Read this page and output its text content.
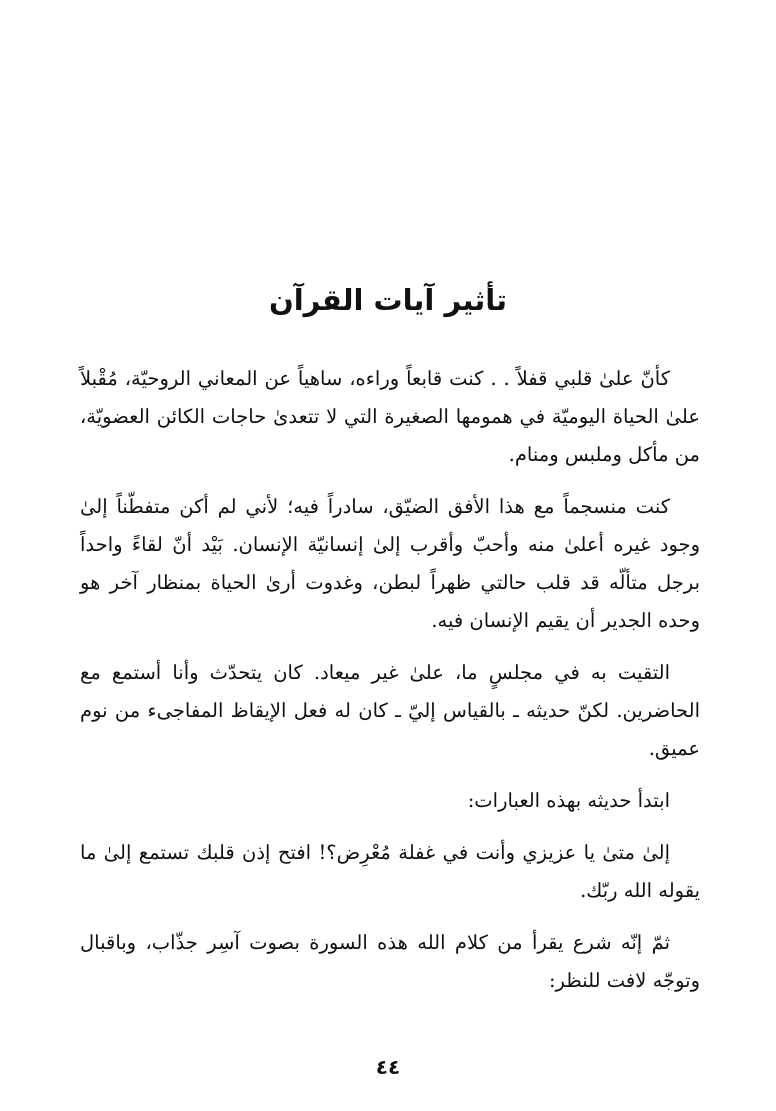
تأثير آيات القرآن

كأنّ علىٰ قلبي قفلاً . . كنت قابعاً وراءه، ساهياً عن المعاني الروحيّة، مُقْبلاً علىٰ الحياة اليوميّة في همومها الصغيرة التي لا تتعدىٰ حاجات الكائن العضويّة، من مأكل وملبس ومنام.

كنت منسجماً مع هذا الأفق الضيّق، سادراً فيه؛ لأني لم أكن متفطّناً إلىٰ وجود غيره أعلىٰ منه وأحبّ وأقرب إلىٰ إنسانيّة الإنسان. بَيْد أنّ لقاءً واحداً برجل متألّه قد قلب حالتي ظهراً لبطن، وغدوت أرىٰ الحياة بمنظار آخر هو وحده الجدير أن يقيم الإنسان فيه.

التقيت به في مجلسٍ ما، علىٰ غير ميعاد. كان يتحدّث وأنا أستمع مع الحاضرين. لكنّ حديثه ـ بالقياس إليّ ـ كان له فعل الإيقاظ المفاجىء من نوم عميق.

ابتدأ حديثه بهذه العبارات:

إلىٰ متىٰ يا عزيزي وأنت في غفلة مُعْرِض؟! افتح إذن قلبك تستمع إلىٰ ما يقوله الله ربّك.

ثمّ إنّه شرع يقرأ من كلام الله هذه السورة بصوت آسِر جذّاب، وباقبال وتوجّه لافت للنظر:

٤٤
